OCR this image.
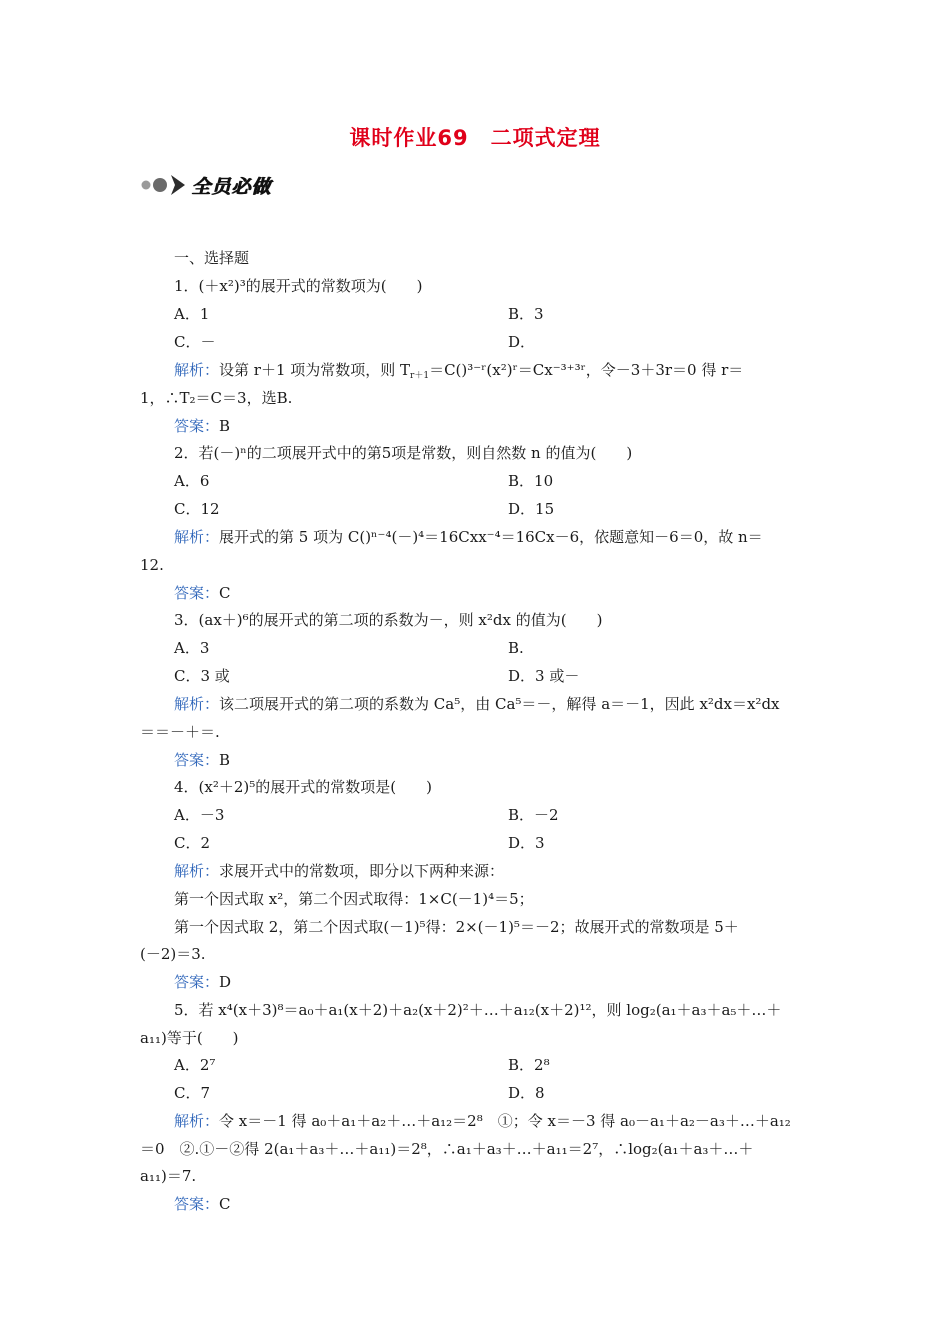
课时作业69　二项式定理
全员必做
一、选择题
1．(＋x²)³的展开式的常数项为(　　)
A．1	B．3
C．－	D．
解析：设第 r＋1 项为常数项，则 $T_{r+1}=C()^{3-}ʳ(x^2)ʳ=Cx^{-3+3}ʳ$，令－3＋3r＝0 得 r＝
1，∴T₂＝C＝3，选B.
答案：B
2．若(－)ⁿ的二项展开式中的第5项是常数，则自然数 n 的值为(　　)
A．6	B．10
C．12	D．15
解析：展开式的第 5 项为 C()ⁿ⁻⁴(－)⁴＝16Cxx⁻⁴＝16Cx－6，依题意知－6＝0，故 n＝
12.
答案：C
3．(ax＋)⁶的展开式的第二项的系数为－，则 x²dx 的值为(　　)
A．3	B.
C．3 或	D．3 或－
解析：该二项展开式的第二项的系数为 Ca⁵，由 Ca⁵＝－，解得 a＝－1，因此 x²dx＝x²dx
＝＝－＋＝.
答案：B
4．(x²＋2)⁵的展开式的常数项是(　　)
A．－3	B．－2
C．2	D．3
解析：求展开式中的常数项，即分以下两种来源：
第一个因式取 x²，第二个因式取得：1×C(－1)⁴＝5；
第一个因式取 2，第二个因式取(－1)⁵得：2×(－1)⁵＝－2；故展开式的常数项是 5＋
(－2)＝3.
答案：D
5．若 x⁴(x＋3)⁸＝a₀＋a₁(x＋2)＋a₂(x＋2)²＋…＋a₁₂(x＋2)¹²，则 log₂(a₁＋a₃＋a₅＋…＋
a₁₁)等于(　　)
A．2⁷	B．2⁸
C．7	D．8
解析：令 x＝－1 得 a₀＋a₁＋a₂＋…＋a₁₂＝2⁸　①；令 x＝－3 得 a₀－a₁＋a₂－a₃＋…＋a₁₂
＝0　②.①－②得 2(a₁＋a₃＋…＋a₁₁)＝2⁸，∴a₁＋a₃＋…＋a₁₁＝2⁷，∴log₂(a₁＋a₃＋…＋
a₁₁)＝7.
答案：C
